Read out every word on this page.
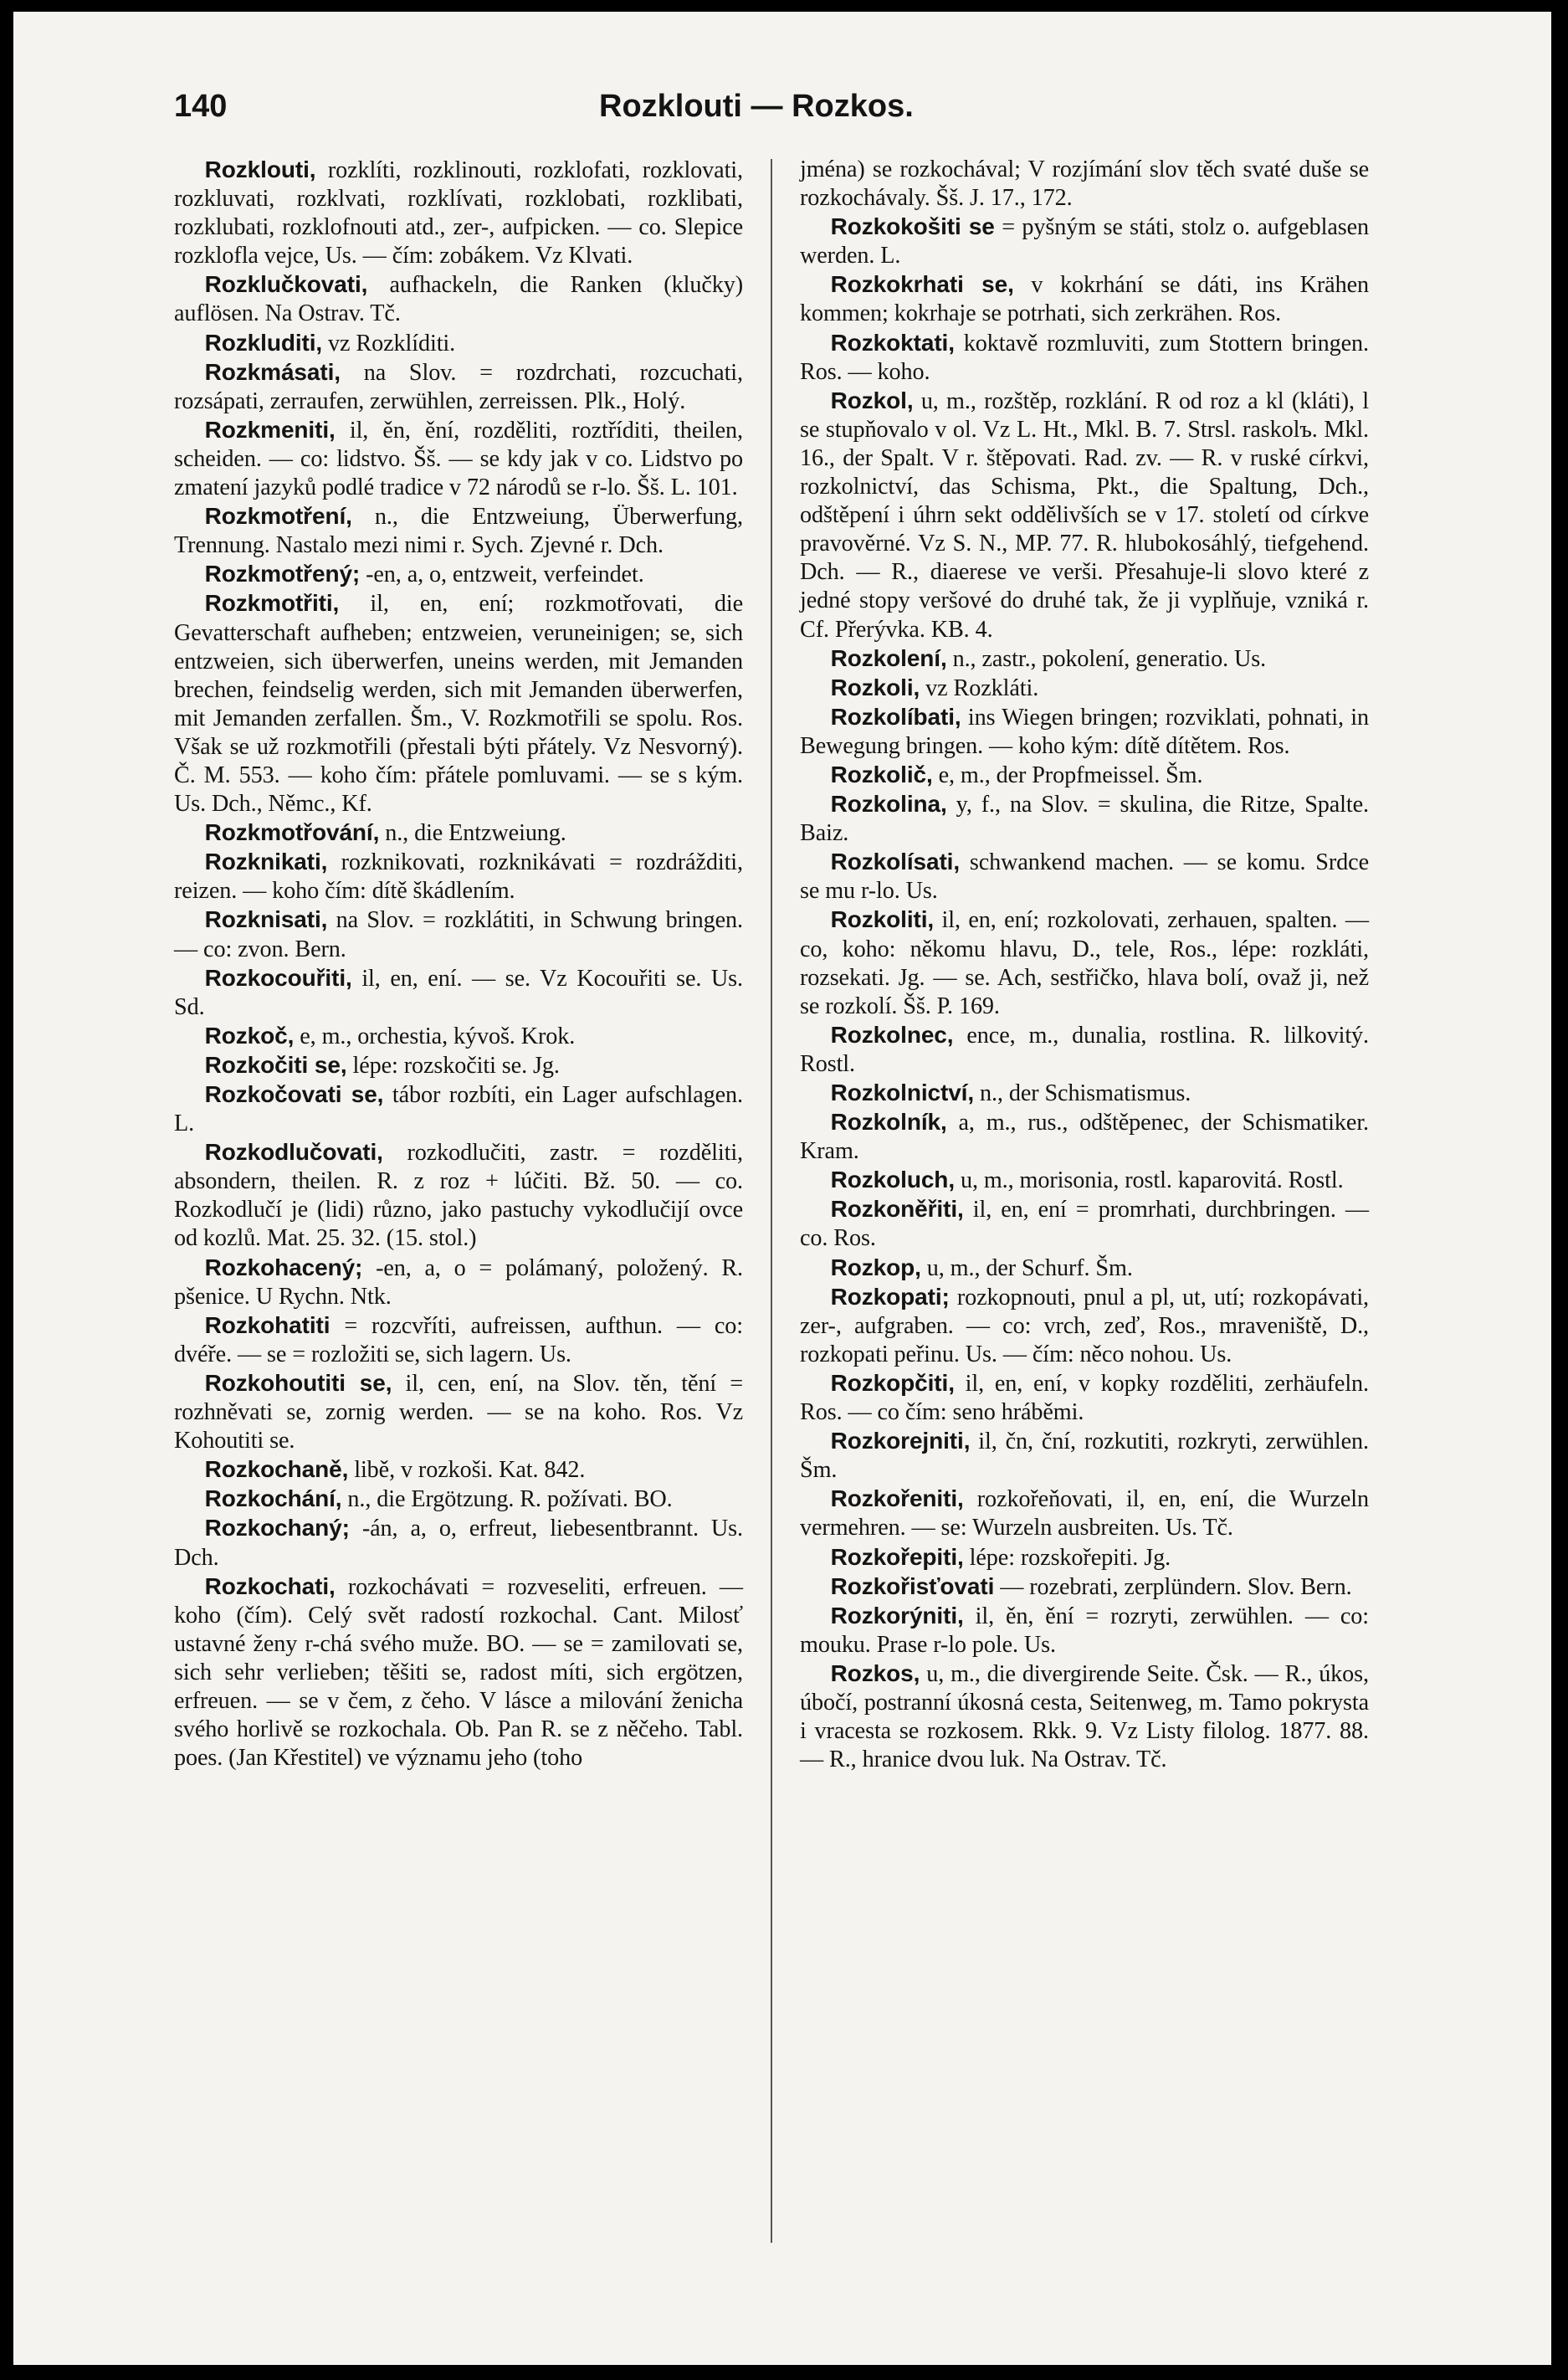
140	Rozklouti — Rozkos.

Rozklouti, rozklíti, rozklinouti, rozklofati, rozklovati, rozkluvati, rozklvati, rozklívati, rozklobati, rozklibati, rozklubati, rozklofnouti atd., zer-, aufpicken. — co. Slepice rozklofla vejce, Us. — čím: zobákem. Vz Klvati.

Rozklučkovati, aufhackeln, die Ranken (klučky) auflösen. Na Ostrav. Tč.

Rozkluditi, vz Rozklíditi.

Rozkmásati, na Slov. = rozdrchati, rozcuchati, rozsápati, zerraufen, zerwühlen, zerreissen. Plk., Holý.

Rozkmeniti, il, ěn, ění, rozděliti, roztříditi, theilen, scheiden. — co: lidstvo. Šš. — se kdy jak v co. Lidstvo po zmatení jazyků podlé tradice v 72 národů se r-lo. Šš. L. 101.

Rozkmotření, n., die Entzweiung, Überwerfung, Trennung. Nastalo mezi nimi r. Sych. Zjevné r. Dch.

Rozkmotřený; -en, a, o, entzweit, verfeindet.

Rozkmotřiti, il, en, ení; rozkmotřovati, die Gevatterschaft aufheben; entzweien, veruneinigen; se, sich entzweien, sich überwerfen, uneins werden, mit Jemanden brechen, feindselig werden, sich mit Jemanden überwerfen, mit Jemanden zerfallen. Šm., V. Rozkmotřili se spolu. Ros. Však se už rozkmotřili (přestali býti přátely. Vz Nesvorný). Č. M. 553. — koho čím: přátele pomluvami. — se s kým. Us. Dch., Němc., Kf.

Rozkmotřování, n., die Entzweiung.

Rozknikati, rozknikovati, rozknikávati = rozdrážditi, reizen. — koho čím: dítě škádlením.

Rozknisati, na Slov. = rozklátiti, in Schwung bringen. — co: zvon. Bern.

Rozkocouřiti, il, en, ení. — se. Vz Kocouřiti se. Us. Sd.

Rozkoč, e, m., orchestia, kývoš. Krok.

Rozkočiti se, lépe: rozskočiti se. Jg.

Rozkočovati se, tábor rozbíti, ein Lager aufschlagen. L.

Rozkodlučovati, rozkodlučiti, zastr. = rozděliti, absondern, theilen. R. z roz + lúčiti. Bž. 50. — co. Rozkodlučí je (lidi) různo, jako pastuchy vykodlučijí ovce od kozlů. Mat. 25. 32. (15. stol.)

Rozkohacený; -en, a, o = polámaný, položený. R. pšenice. U Rychn. Ntk.

Rozkohatiti = rozcvříti, aufreissen, aufthun. — co: dvéře. — se = rozložiti se, sich lagern. Us.

Rozkohoutiti se, il, cen, ení, na Slov. těn, tění = rozhněvati se, zornig werden. — se na koho. Ros. Vz Kohoutiti se.

Rozkochaně, libě, v rozkoši. Kat. 842.

Rozkochání, n., die Ergötzung. R. požívati. BO.

Rozkochaný; -án, a, o, erfreut, liebesentbrannt. Us. Dch.

Rozkochati, rozkochávati = rozveseliti, erfreuen. — koho (čím). Celý svět radostí rozkochal. Cant. Milosť ustavné ženy r-chá svého muže. BO. — se = zamilovati se, sich sehr verlieben; těšiti se, radost míti, sich ergötzen, erfreuen. — se v čem, z čeho. V lásce a milování ženicha svého horlivě se rozkochala. Ob. Pan R. se z něčeho. Tabl. poes. (Jan Křestitel) ve významu jeho (toho

jména) se rozkochával; V rozjímání slov těch svaté duše se rozkochávaly. Šš. J. 17., 172.

Rozkokošiti se = pyšným se státi, stolz o. aufgeblasen werden. L.

Rozkokrhati se, v kokrhání se dáti, ins Krähen kommen; kokrhaje se potrhati, sich zerkrähen. Ros.

Rozkoktati, koktavě rozmluviti, zum Stottern bringen. Ros. — koho.

Rozkol, u, m., rozštěp, rozklání. R od roz a kl (kláti), l se stupňovalo v ol. Vz L. Ht., Mkl. B. 7. Strsl. raskolъ. Mkl. 16., der Spalt. V r. štěpovati. Rad. zv. — R. v ruské církvi, rozkolnictví, das Schisma, Pkt., die Spaltung, Dch., odštěpení i úhrn sekt oddělivších se v 17. století od církve pravověrné. Vz S. N., MP. 77. R. hlubokosáhlý, tiefgehend. Dch. — R., diaerese ve verši. Přesahuje-li slovo které z jedné stopy veršové do druhé tak, že ji vyplňuje, vzniká r. Cf. Přerývka. KB. 4.

Rozkolení, n., zastr., pokolení, generatio. Us.

Rozkoli, vz Rozkláti.

Rozkolíbati, ins Wiegen bringen; rozviklati, pohnati, in Bewegung bringen. — koho kým: dítě dítětem. Ros.

Rozkolič, e, m., der Propfmeissel. Šm.

Rozkolina, y, f., na Slov. = skulina, die Ritze, Spalte. Baiz.

Rozkolísati, schwankend machen. — se komu. Srdce se mu r-lo. Us.

Rozkoliti, il, en, ení; rozkolovati, zerhauen, spalten. — co, koho: někomu hlavu, D., tele, Ros., lépe: rozkláti, rozsekati. Jg. — se. Ach, sestřičko, hlava bolí, ovaž ji, než se rozkolí. Šš. P. 169.

Rozkolnec, ence, m., dunalia, rostlina. R. lilkovitý. Rostl.

Rozkolnictví, n., der Schismatismus.

Rozkolník, a, m., rus., odštěpenec, der Schismatiker. Kram.

Rozkoluch, u, m., morisonia, rostl. kaparovitá. Rostl.

Rozkoněřiti, il, en, ení = promrhati, durchbringen. — co. Ros.

Rozkop, u, m., der Schurf. Šm.

Rozkopati; rozkopnouti, pnul a pl, ut, utí; rozkopávati, zer-, aufgraben. — co: vrch, zeď, Ros., mraveniště, D., rozkopati peřinu. Us. — čím: něco nohou. Us.

Rozkopčiti, il, en, ení, v kopky rozděliti, zerhäufeln. Ros. — co čím: seno hráběmi.

Rozkorejniti, il, čn, ční, rozkutiti, rozkryti, zerwühlen. Šm.

Rozkořeniti, rozkořeňovati, il, en, ení, die Wurzeln vermehren. — se: Wurzeln ausbreiten. Us. Tč.

Rozkořepiti, lépe: rozskořepiti. Jg.

Rozkořisťovati — rozebrati, zerplündern. Slov. Bern.

Rozkorýniti, il, ěn, ění = rozryti, zerwühlen. — co: mouku. Prase r-lo pole. Us.

Rozkos, u, m., die divergirende Seite. Čsk. — R., úkos, úbočí, postranní úkosná cesta, Seitenweg, m. Tamo pokrysta i vracesta se rozkosem. Rkk. 9. Vz Listy filolog. 1877. 88. — R., hranice dvou luk. Na Ostrav. Tč.
